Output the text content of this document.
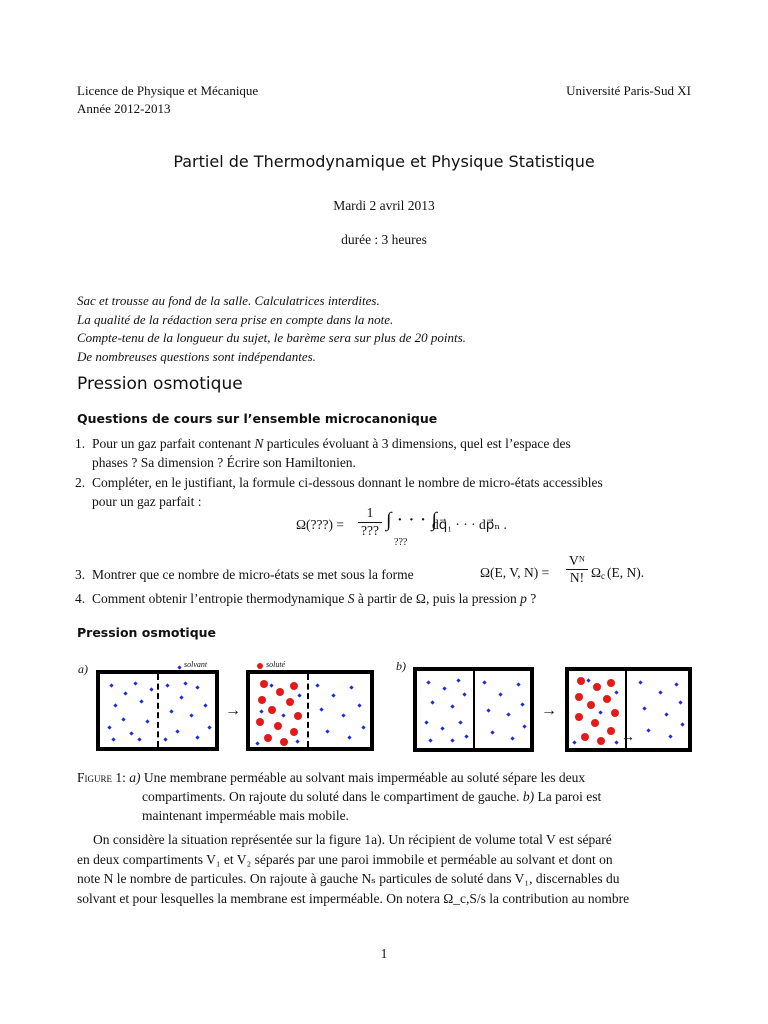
Licence de Physique et Mécanique
Année 2012-2013
Université Paris-Sud XI
Partiel de Thermodynamique et Physique Statistique
Mardi 2 avril 2013
durée : 3 heures
Sac et trousse au fond de la salle. Calculatrices interdites.
La qualité de la rédaction sera prise en compte dans la note.
Compte-tenu de la longueur du sujet, le barème sera sur plus de 20 points.
De nombreuses questions sont indépendantes.
Pression osmotique
Questions de cours sur l’ensemble microcanonique
1. Pour un gaz parfait contenant N particules évoluant à 3 dimensions, quel est l’espace des
phases ? Sa dimension ? Écrire son Hamiltonien.
2. Compléter, en le justifiant, la formule ci-dessous donnant le nombre de micro-états accessibles
pour un gaz parfait :
Ω(???) =
1
??? ∫ · · · ∫
dq⃗₁ · · · dp⃗ₙ .
???
3. Montrer que ce nombre de micro-états se met sous la forme	Ω(E, V, N) =
Vᴺ
N! Ω c (E, N).
4. Comment obtenir l’entropie thermodynamique S à partir de Ω, puis la pression p ?
Pression osmotique
a)	b)
solvant	soluté
→	→
↔
Figure 1: a) Une membrane perméable au solvant mais imperméable au soluté sépare les deux
compartiments. On rajoute du soluté dans le compartiment de gauche. b) La paroi est
maintenant imperméable mais mobile.
On considère la situation représentée sur la figure 1a). Un récipient de volume total V est séparé
en deux compartiments V₁ et V₂ séparés par une paroi immobile et perméable au solvant et dont on
note N le nombre de particules. On rajoute à gauche Nₛ particules de soluté dans V₁, discernables du
solvant et pour lesquelles la membrane est imperméable. On notera Ω_c,S/s la contribution au nombre
1
